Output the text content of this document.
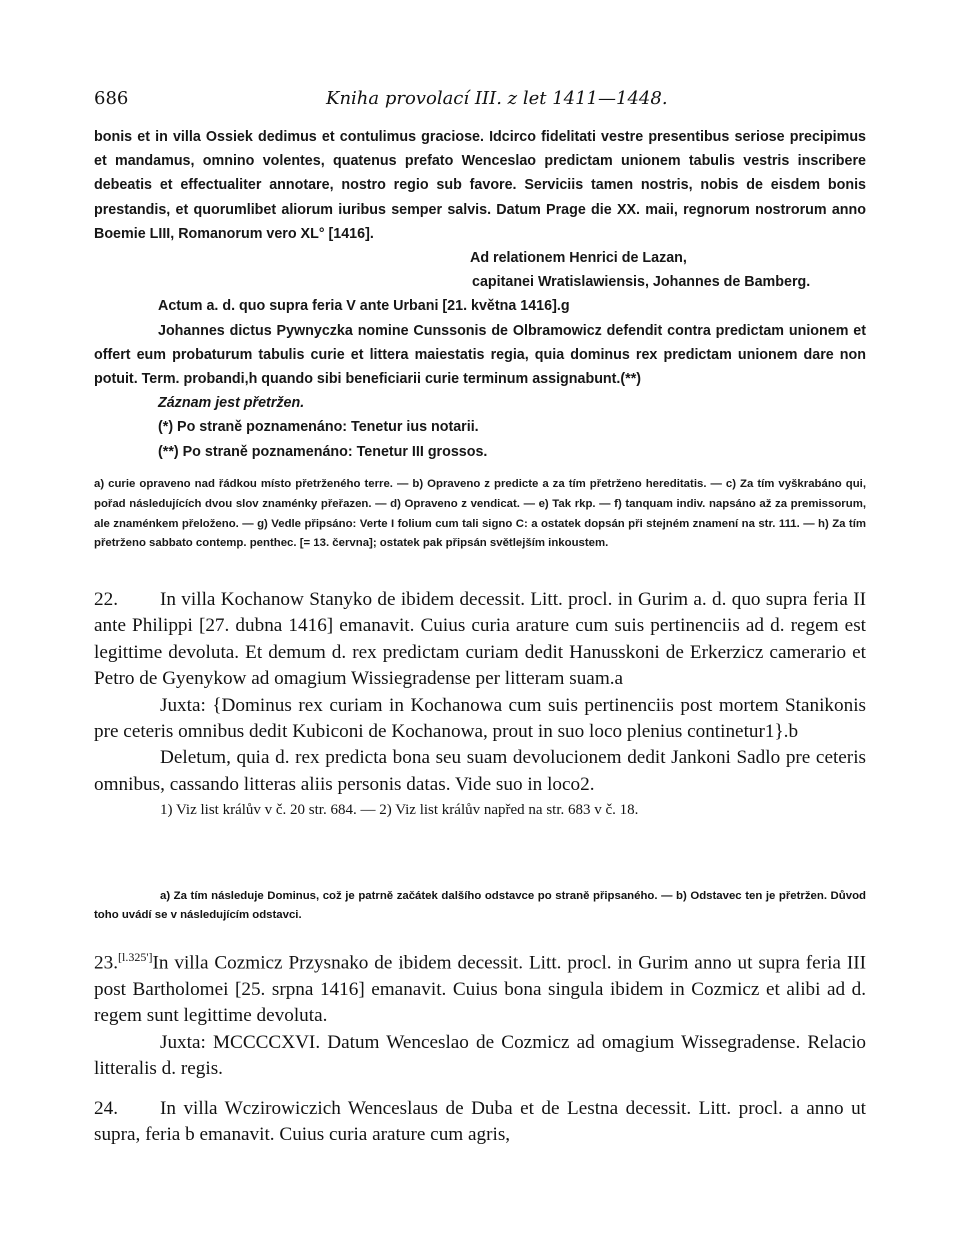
686	Kniha provolací III. z let 1411—1448.

bonis et in villa Ossiek dedimus et contulimus graciose. Idcirco fidelitati vestre presentibus seriose precipimus et mandamus, omnino volentes, quatenus prefato Wenceslao predictam unionem tabulis vestris inscribere debeatis et effectualiter annotare, nostro regio sub favore. Serviciis tamen nostris, nobis de eisdem bonis prestandis, et quorumlibet aliorum iuribus semper salvis. Datum Prage die XX. maii, regnorum nostrorum anno Boemie LIII, Romanorum vero XL° [1416].

Ad relationem Henrici de Lazan,

capitanei Wratislawiensis, Johannes de Bamberg.

Actum a. d. quo supra feria V ante Urbani [21. května 1416].g

Johannes dictus Pywnyczka nomine Cunssonis de Olbramowicz defendit contra predictam unionem et offert eum probaturum tabulis curie et littera maiestatis regia, quia dominus rex predictam unionem dare non potuit. Term. probandi,h quando sibi beneficiarii curie terminum assignabunt.(**)

Záznam jest přetržen.

(*) Po straně poznamenáno: Tenetur ius notarii.

(**) Po straně poznamenáno: Tenetur III grossos.

a) curie opraveno nad řádkou místo přetrženého terre. — b) Opraveno z predicte a za tím přetrženo hereditatis. — c) Za tím vyškrabáno qui, pořad následujících dvou slov znaménky přeřazen. — d) Opraveno z vendicat. — e) Tak rkp. — f) tanquam indiv. napsáno až za premissorum, ale znaménkem přeloženo. — g) Vedle připsáno: Verte I folium cum tali signo C: a ostatek dopsán při stejném znamení na str. 111. — h) Za tím přetrženo sabbato contemp. penthec. [= 13. června]; ostatek pak připsán světlejším inkoustem.

22. In villa Kochanow Stanyko de ibidem decessit. Litt. procl. in Gurim a. d. quo supra feria II ante Philippi [27. dubna 1416] emanavit. Cuius curia arature cum suis pertinenciis ad d. regem est legittime devoluta. Et demum d. rex predictam curiam dedit Hanusskoni de Erkerzicz camerario et Petro de Gyenykow ad omagium Wissiegradense per litteram suam.a

Juxta: {Dominus rex curiam in Kochanowa cum suis pertinenciis post mortem Stanikonis pre ceteris omnibus dedit Kubiconi de Kochanowa, prout in suo loco plenius continetur1}.b

Deletum, quia d. rex predicta bona seu suam devolucionem dedit Jankoni Sadlo pre ceteris omnibus, cassando litteras aliis personis datas. Vide suo in loco2.

1) Viz list králův v č. 20 str. 684. — 2) Viz list králův napřed na str. 683 v č. 18.

a) Za tím následuje Dominus, což je patrně začátek dalšího odstavce po straně připsaného. — b) Odstavec ten je přetržen. Důvod toho uvádí se v následujícím odstavci.

23.[l.325']In villa Cozmicz Przysnako de ibidem decessit. Litt. procl. in Gurim anno ut supra feria III post Bartholomei [25. srpna 1416] emanavit. Cuius bona singula ibidem in Cozmicz et alibi ad d. regem sunt legittime devoluta.

Juxta: MCCCCXVI. Datum Wenceslao de Cozmicz ad omagium Wissegradense. Relacio litteralis d. regis.

24. In villa Wczirowiczich Wenceslaus de Duba et de Lestna decessit. Litt. procl. a anno ut supra, feria b emanavit. Cuius curia arature cum agris,
